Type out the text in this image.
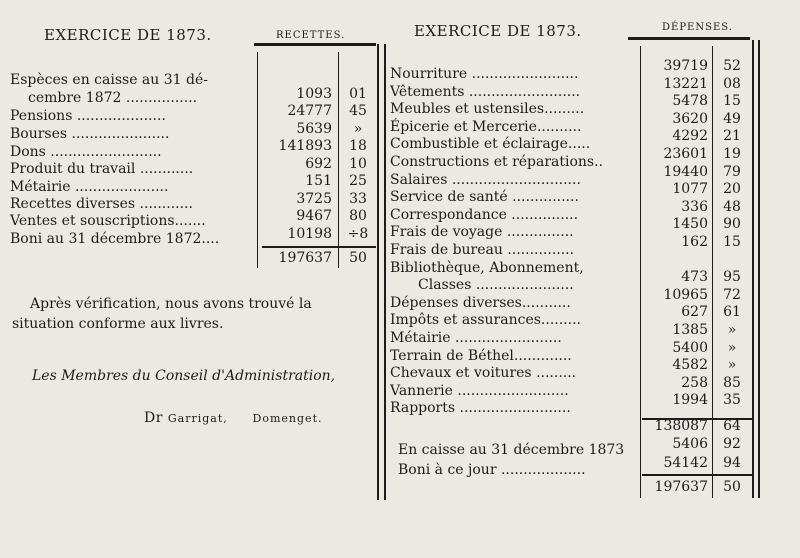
EXERCICE DE 1873.	RECETTES.
Espèces en caisse au 31 dé-
cembre 1872 ................	1093	01
Pensions ....................	24777	45
Bourses ......................	5639	»
Dons .........................	141893	18
Produit du travail ............	692	10
Métairie .....................	151	25
Recettes diverses ............	3725	33
Ventes et souscriptions.......	9467	80
Boni au 31 décembre 1872....	10198	÷8
197637	50
Après vérification, nous avons trouvé la
situation conforme aux livres.
Les Membres du Conseil d'Administration,
Dr Garrigat, Domenget.
EXERCICE DE 1873.	DÉPENSES.
Nourriture ........................	39719	52
Vêtements .........................	13221	08
Meubles et ustensiles.........	5478	15
Épicerie et Mercerie..........	3620	49
Combustible et éclairage.....	4292	21
Constructions et réparations..	23601	19
Salaires .............................	19440	79
Service de santé ...............	1077	20
Correspondance ...............	336	48
Frais de voyage ...............	1450	90
Frais de bureau ...............	162	15
Bibliothèque, Abonnement,
Classes ......................	473	95
Dépenses diverses...........	10965	72
Impôts et assurances.........	627	61
Métairie ........................	1385	»
Terrain de Béthel.............	5400	»
Chevaux et voitures .........	4582	»
Vannerie .........................	258	85
Rapports .........................	1994	35
138087	64
En caisse au 31 décembre 1873	5406	92
Boni à ce jour ...................	54142	94
197637	50
